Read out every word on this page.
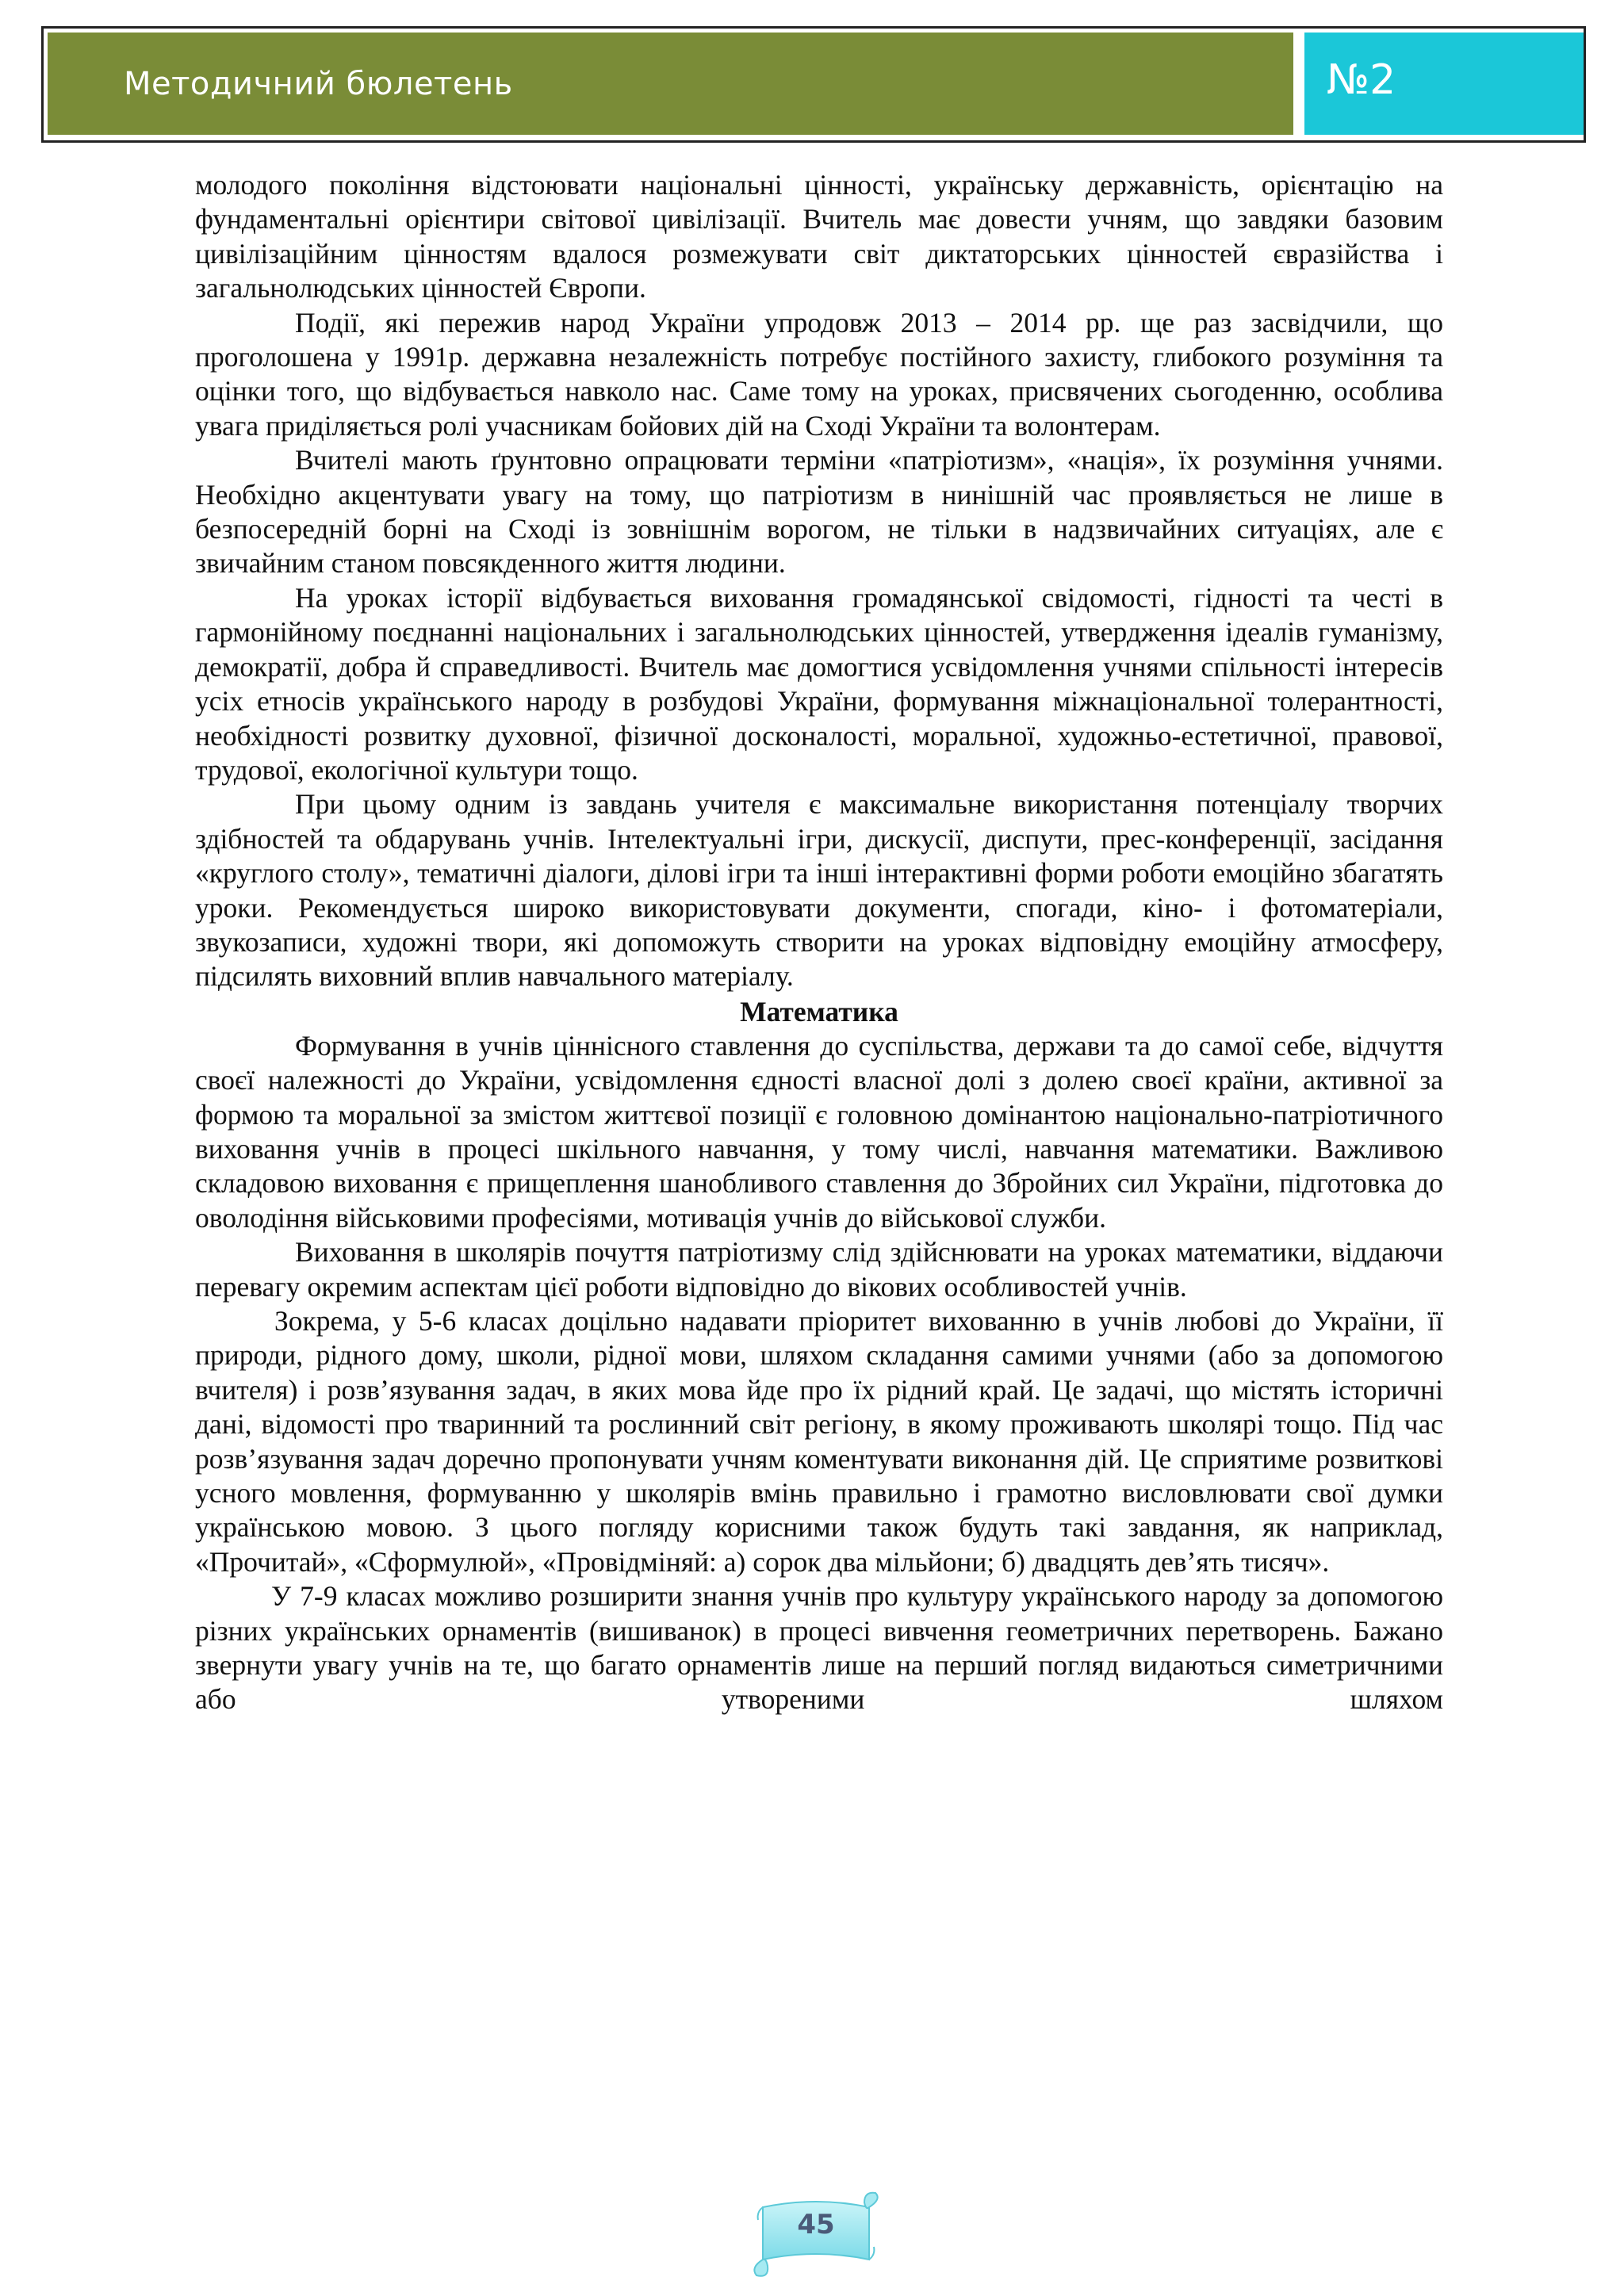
Методичний бюлетень	№2

молодого покоління відстоювати національні цінності, українську державність, орієнтацію на фундаментальні орієнтири світової цивілізації. Вчитель має довести учням, що завдяки базовим цивілізаційним цінностям вдалося розмежувати світ диктаторських цінностей євразійства і загальнолюдських цінностей Європи.

Події, які пережив народ України упродовж 2013 – 2014 рр. ще раз засвідчили, що проголошена у 1991р. державна незалежність потребує постійного захисту, глибокого розуміння та оцінки того, що відбувається навколо нас. Саме тому на уроках, присвячених сьогоденню, особлива увага приділяється ролі учасникам бойових дій на Сході України та волонтерам.

Вчителі мають ґрунтовно опрацювати терміни «патріотизм», «нація», їх розуміння учнями. Необхідно акцентувати увагу на тому, що патріотизм в нинішній час проявляється не лише в безпосередній борні на Сході із зовнішнім ворогом, не тільки в надзвичайних ситуаціях, але є звичайним станом повсякденного життя людини.

На уроках історії відбувається виховання громадянської свідомості, гідності та честі в гармонійному поєднанні національних і загальнолюдських цінностей, утвердження ідеалів гуманізму, демократії, добра й справедливості. Вчитель має домогтися усвідомлення учнями спільності інтересів усіх етносів українського народу в розбудові України, формування міжнаціональної толерантності, необхідності розвитку духовної, фізичної досконалості, моральної, художньо-естетичної, правової, трудової, екологічної культури тощо.

При цьому одним із завдань учителя є максимальне використання потенціалу творчих здібностей та обдарувань учнів. Інтелектуальні ігри, дискусії, диспути, прес-конференції, засідання «круглого столу», тематичні діалоги, ділові ігри та інші інтерактивні форми роботи емоційно збагатять уроки. Рекомендується широко використовувати документи, спогади, кіно- і фотоматеріали, звукозаписи, художні твори, які допоможуть створити на уроках відповідну емоційну атмосферу, підсилять виховний вплив навчального матеріалу.

Математика

Формування в учнів ціннісного ставлення до суспільства, держави та до самої себе, відчуття своєї належності до України, усвідомлення єдності власної долі з долею своєї країни, активної за формою та моральної за змістом життєвої позиції є головною домінантою національно-патріотичного виховання учнів в процесі шкільного навчання, у тому числі, навчання математики. Важливою складовою виховання є прищеплення шанобливого ставлення до Збройних сил України, підготовка до оволодіння військовими професіями, мотивація учнів до військової служби.

Виховання в школярів почуття патріотизму слід здійснювати на уроках математики, віддаючи перевагу окремим аспектам цієї роботи відповідно до вікових особливостей учнів.

Зокрема, у 5-6 класах доцільно надавати пріоритет вихованню в учнів любові до України, її природи, рідного дому, школи, рідної мови, шляхом складання самими учнями (або за допомогою вчителя) і розв’язування задач, в яких мова йде про їх рідний край. Це задачі, що містять історичні дані, відомості про тваринний та рослинний світ регіону, в якому проживають школярі тощо. Під час розв’язування задач доречно пропонувати учням коментувати виконання дій. Це сприятиме розвиткові усного мовлення, формуванню у школярів вмінь правильно і грамотно висловлювати свої думки українською мовою. З цього погляду корисними також будуть такі завдання, як наприклад, «Прочитай», «Сформулюй», «Провідміняй: а) сорок два мільйони; б) двадцять дев’ять тисяч».

У 7-9 класах можливо розширити знання учнів про культуру українського народу за допомогою різних українських орнаментів (вишиванок) в процесі вивчення геометричних перетворень. Бажано звернути увагу учнів на те, що багато орнаментів лише на перший погляд видаються симетричними або утвореними шляхом

45
